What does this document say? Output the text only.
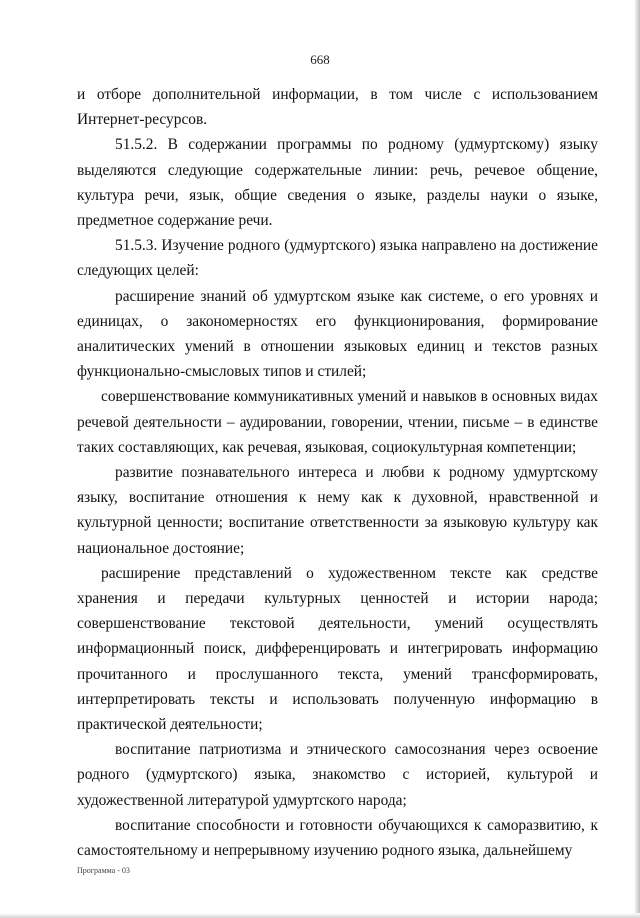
668

и отборе дополнительной информации, в том числе с использованием Интернет-ресурсов.

51.5.2. В содержании программы по родному (удмуртскому) языку выделяются следующие содержательные линии: речь, речевое общение, культура речи, язык, общие сведения о языке, разделы науки о языке, предметное содержание речи.

51.5.3. Изучение родного (удмуртского) языка направлено на достижение следующих целей:

расширение знаний об удмуртском языке как системе, о его уровнях и единицах, о закономерностях его функционирования, формирование аналитических умений в отношении языковых единиц и текстов разных функционально-смысловых типов и стилей;

совершенствование коммуникативных умений и навыков в основных видах речевой деятельности – аудировании, говорении, чтении, письме – в единстве таких составляющих, как речевая, языковая, социокультурная компетенции;

развитие познавательного интереса и любви к родному удмуртскому языку, воспитание отношения к нему как к духовной, нравственной и культурной ценности; воспитание ответственности за языковую культуру как национальное достояние;

расширение представлений о художественном тексте как средстве хранения и передачи культурных ценностей и истории народа; совершенствование текстовой деятельности, умений осуществлять информационный поиск, дифференцировать и интегрировать информацию прочитанного и прослушанного текста, умений трансформировать, интерпретировать тексты и использовать полученную информацию в практической деятельности;

воспитание патриотизма и этнического самосознания через освоение родного (удмуртского) языка, знакомство с историей, культурой и художественной литературой удмуртского народа;

воспитание способности и готовности обучающихся к саморазвитию, к самостоятельному и непрерывному изучению родного языка, дальнейшему

Программа - 03
